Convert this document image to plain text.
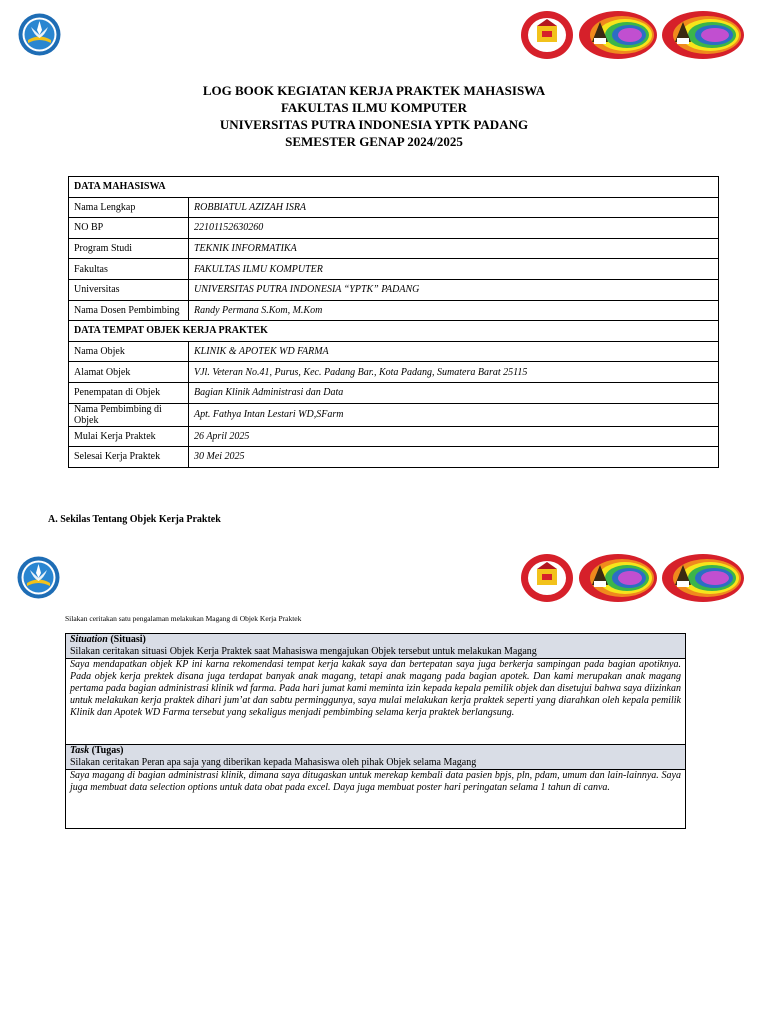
LOG BOOK KEGIATAN KERJA PRAKTEK MAHASISWA
FAKULTAS ILMU KOMPUTER
UNIVERSITAS PUTRA INDONESIA YPTK PADANG
SEMESTER GENAP 2024/2025
DATA MAHASISWA	
Nama Lengkap	ROBBIATUL AZIZAH ISRA
NO BP	22101152630260
Program Studi	TEKNIK INFORMATIKA
Fakultas	FAKULTAS ILMU KOMPUTER
Universitas	UNIVERSITAS PUTRA INDONESIA “YPTK” PADANG
Nama Dosen Pembimbing	Randy Permana S.Kom, M.Kom
DATA TEMPAT OBJEK KERJA PRAKTEK	
Nama Objek	KLINIK & APOTEK WD FARMA
Alamat Objek	VJl. Veteran No.41, Purus, Kec. Padang Bar., Kota Padang, Sumatera Barat 25115
Penempatan di Objek	Bagian Klinik Administrasi dan Data
Nama Pembimbing di Objek	Apt. Fathya Intan Lestari WD,SFarm
Mulai Kerja Praktek	26 April 2025
Selesai Kerja Praktek	30 Mei 2025
A. Sekilas Tentang Objek Kerja Praktek
Silakan ceritakan satu pengalaman melakukan Magang di Objek Kerja Praktek
Situation (Situasi)
Silakan ceritakan situasi Objek Kerja Praktek saat Mahasiswa mengajukan Objek tersebut untuk melakukan Magang
Saya mendapatkan objek KP ini karna rekomendasi tempat kerja kakak saya dan bertepatan saya juga berkerja sampingan pada bagian apotiknya. Pada objek kerja prektek disana juga terdapat banyak anak magang, tetapi anak magang pada bagian apotek. Dan kami merupakan anak magang pertama pada bagian administrasi klinik wd farma. Pada hari jumat kami meminta izin kepada kepala pemilik objek dan disetujui bahwa saya diizinkan untuk melakukan kerja praktek dihari jum’at dan sabtu perminggunya, saya mulai melakukan kerja praktek seperti yang diarahkan oleh kepala pemilik Klinik dan Apotek WD Farma tersebut yang sekaligus menjadi pembimbing selama kerja praktek berlangsung.
Task (Tugas)
Silakan ceritakan Peran apa saja yang diberikan kepada Mahasiswa oleh pihak Objek selama Magang
Saya magang di bagian administrasi klinik, dimana saya ditugaskan untuk merekap kembali data pasien bpjs, pln, pdam, umum dan lain-lainnya. Saya juga membuat data selection options untuk data obat pada excel. Daya juga membuat poster hari peringatan selama 1 tahun di canva.
